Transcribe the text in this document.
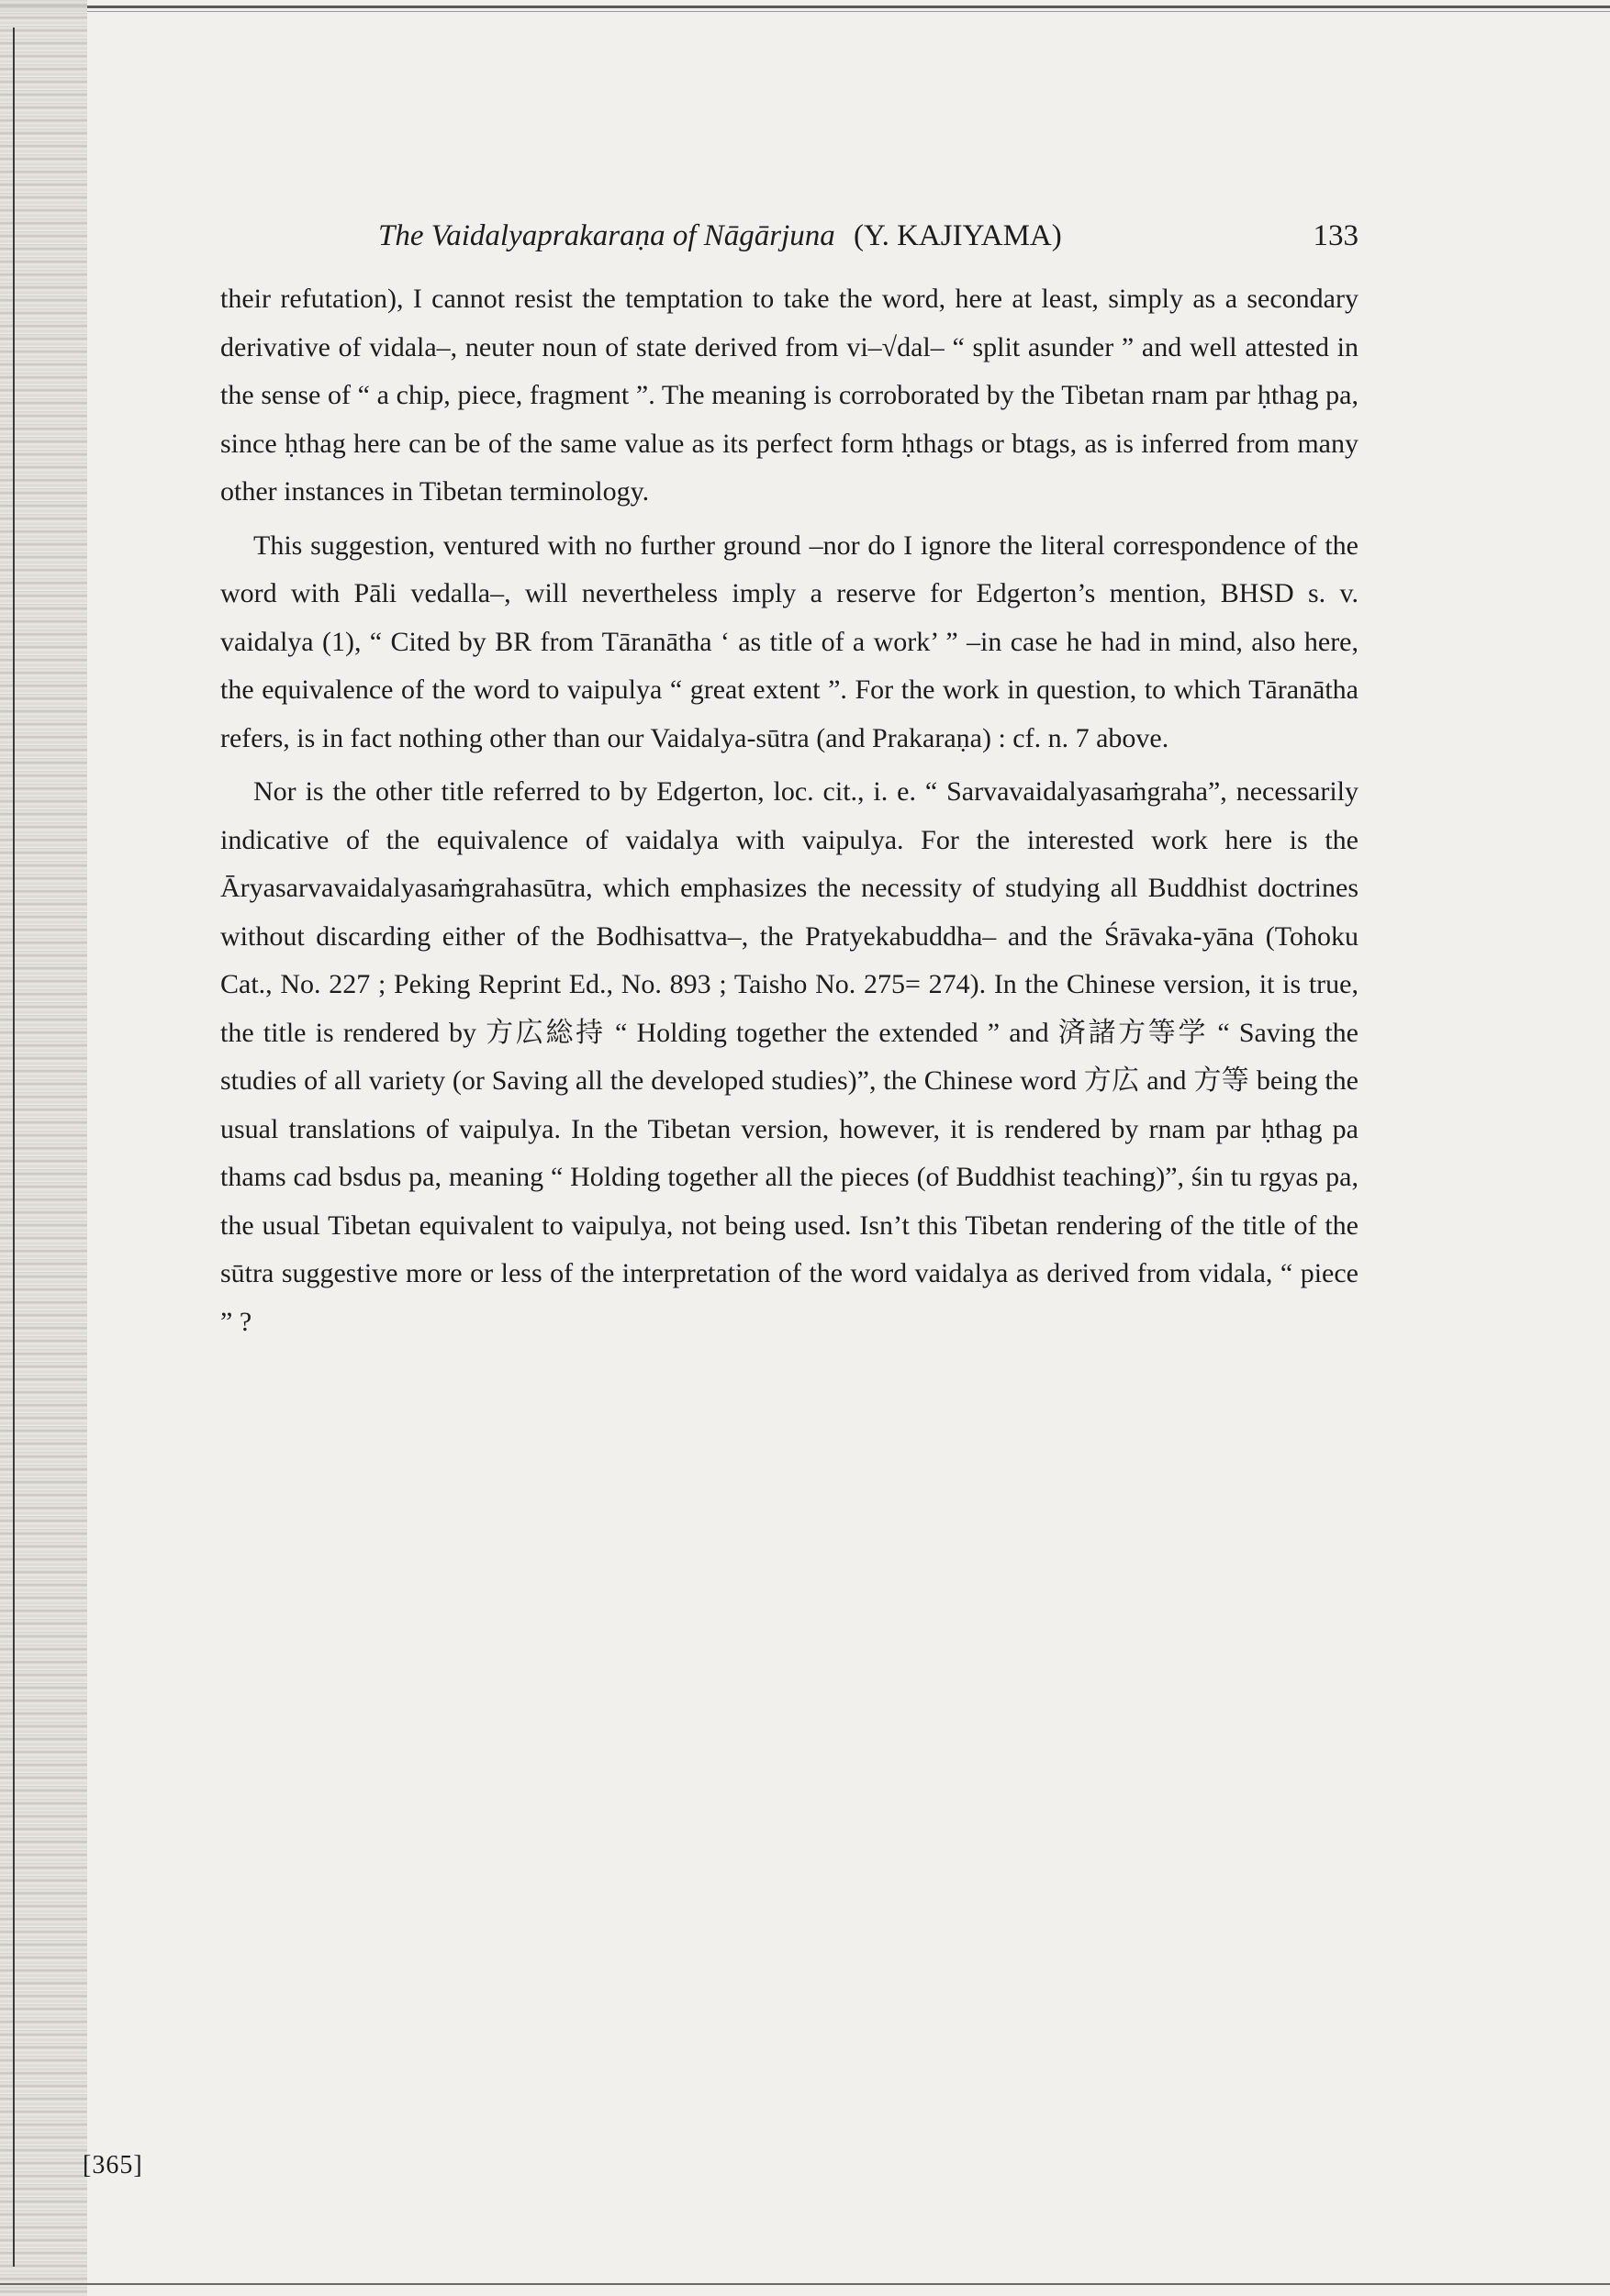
The Vaidalyaprakaraṇa of Nāgārjuna (Y. KAJIYAMA)	133

their refutation), I cannot resist the temptation to take the word, here at least, simply as a secondary derivative of vidala–, neuter noun of state derived from vi–√dal– “ split asunder ” and well attested in the sense of “ a chip, piece, fragment ”. The meaning is corroborated by the Tibetan rnam par ḥthag pa, since ḥthag here can be of the same value as its perfect form ḥthags or btags, as is inferred from many other instances in Tibetan terminology.

This suggestion, ventured with no further ground –nor do I ignore the literal correspondence of the word with Pāli vedalla–, will nevertheless imply a reserve for Edgerton’s mention, BHSD s. v. vaidalya (1), “ Cited by BR from Tāranātha ‘ as title of a work’ ” –in case he had in mind, also here, the equivalence of the word to vaipulya “ great extent ”. For the work in question, to which Tāranātha refers, is in fact nothing other than our Vaidalya-sūtra (and Prakaraṇa) : cf. n. 7 above.

Nor is the other title referred to by Edgerton, loc. cit., i. e. “ Sarvavaidalyasaṁgraha”, necessarily indicative of the equivalence of vaidalya with vaipulya. For the interested work here is the Āryasarvavaidalyasaṁgrahasūtra, which emphasizes the necessity of studying all Buddhist doctrines without discarding either of the Bodhisattva–, the Pratyekabuddha– and the Śrāvaka-yāna (Tohoku Cat., No. 227 ; Peking Reprint Ed., No. 893 ; Taisho No. 275= 274). In the Chinese version, it is true, the title is rendered by 方広総持 “ Holding together the extended ” and 済諸方等学 “ Saving the studies of all variety (or Saving all the developed studies)”, the Chinese word 方広 and 方等 being the usual translations of vaipulya. In the Tibetan version, however, it is rendered by rnam par ḥthag pa thams cad bsdus pa, meaning “ Holding together all the pieces (of Buddhist teaching)”, śin tu rgyas pa, the usual Tibetan equivalent to vaipulya, not being used. Isn’t this Tibetan rendering of the title of the sūtra suggestive more or less of the interpretation of the word vaidalya as derived from vidala, “ piece ” ?

[365]
